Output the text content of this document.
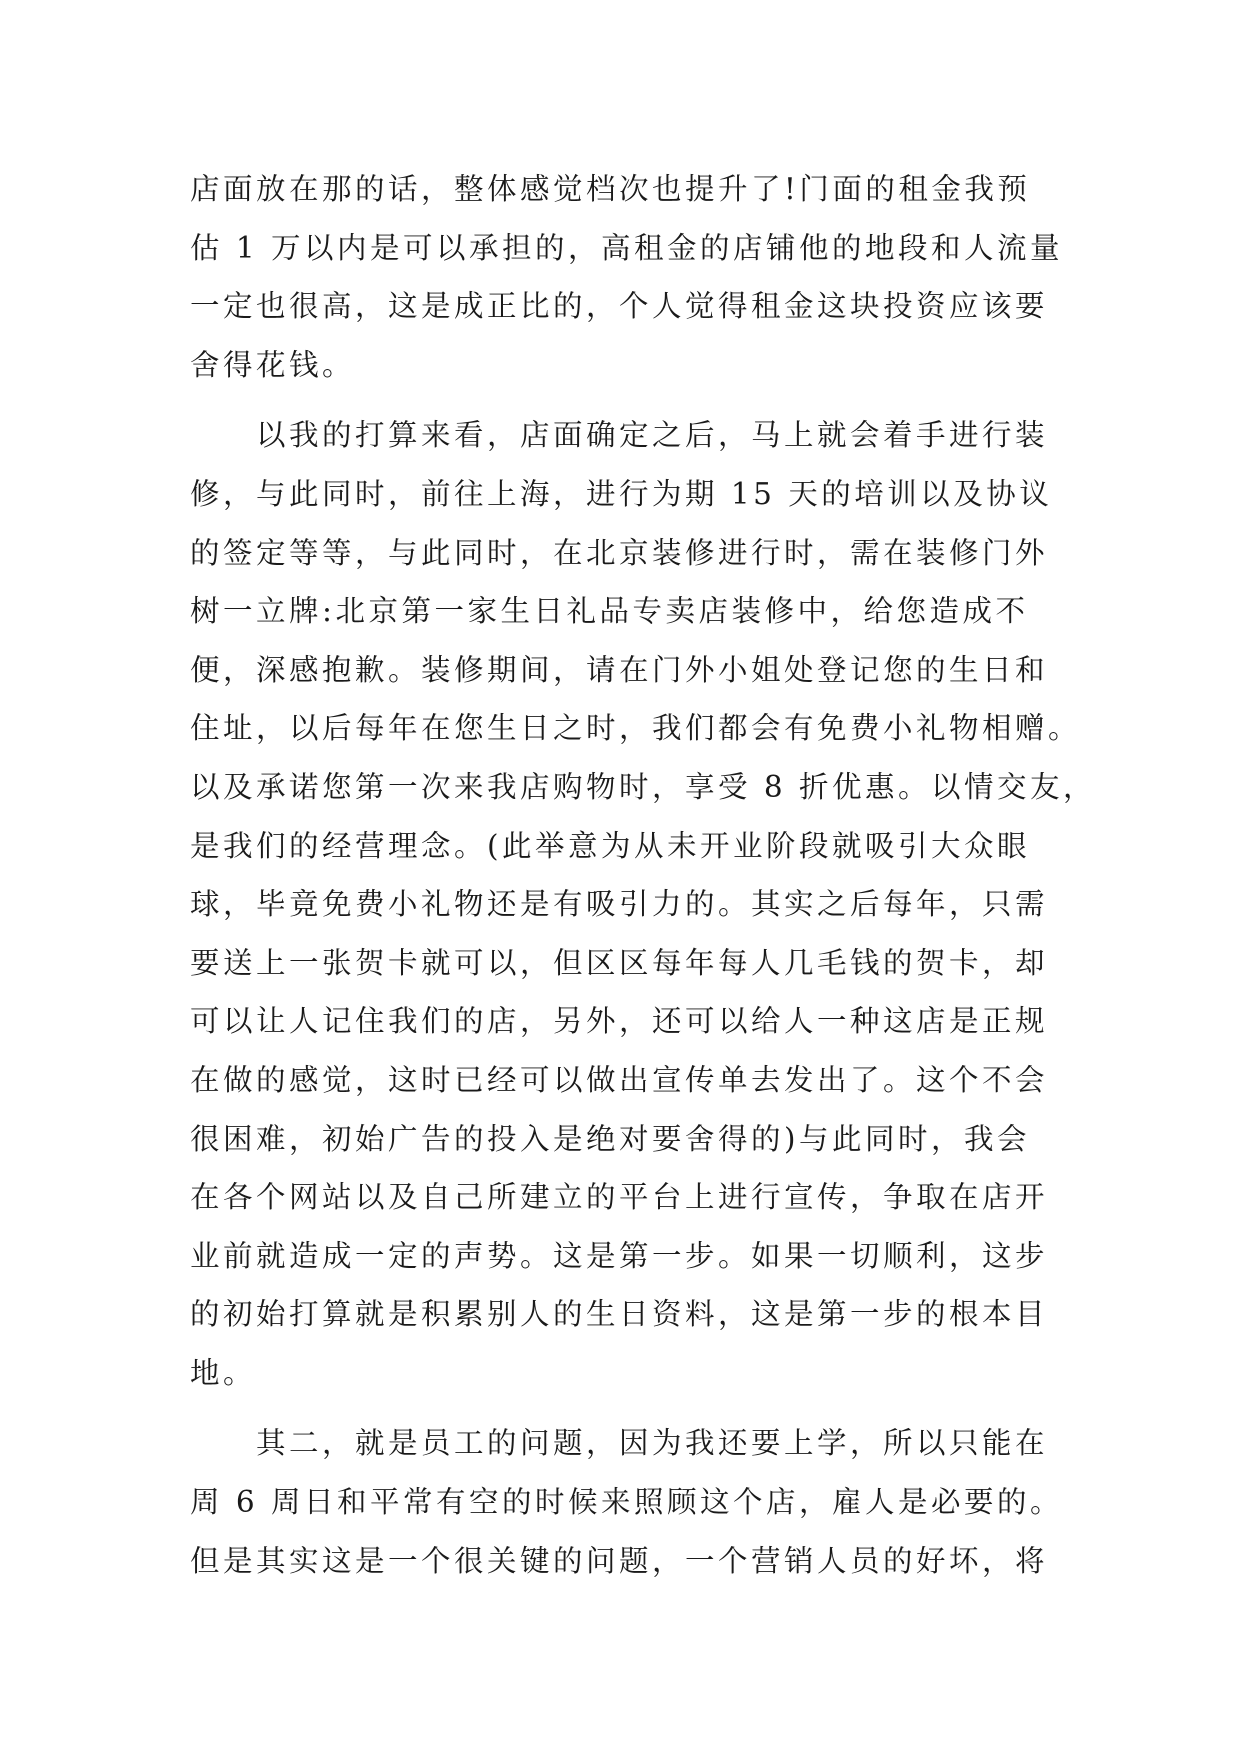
店面放在那的话，整体感觉档次也提升了!门面的租金我预
估 1 万以内是可以承担的，高租金的店铺他的地段和人流量
一定也很高，这是成正比的，个人觉得租金这块投资应该要
舍得花钱。
　　以我的打算来看，店面确定之后，马上就会着手进行装
修，与此同时，前往上海，进行为期 15 天的培训以及协议
的签定等等，与此同时，在北京装修进行时，需在装修门外
树一立牌:北京第一家生日礼品专卖店装修中，给您造成不
便，深感抱歉。装修期间，请在门外小姐处登记您的生日和
住址，以后每年在您生日之时，我们都会有免费小礼物相赠。
以及承诺您第一次来我店购物时，享受 8 折优惠。以情交友，
是我们的经营理念。(此举意为从未开业阶段就吸引大众眼
球，毕竟免费小礼物还是有吸引力的。其实之后每年，只需
要送上一张贺卡就可以，但区区每年每人几毛钱的贺卡，却
可以让人记住我们的店，另外，还可以给人一种这店是正规
在做的感觉，这时已经可以做出宣传单去发出了。这个不会
很困难，初始广告的投入是绝对要舍得的)与此同时，我会
在各个网站以及自己所建立的平台上进行宣传，争取在店开
业前就造成一定的声势。这是第一步。如果一切顺利，这步
的初始打算就是积累别人的生日资料，这是第一步的根本目
地。
　　其二，就是员工的问题，因为我还要上学，所以只能在
周 6 周日和平常有空的时候来照顾这个店，雇人是必要的。
但是其实这是一个很关键的问题，一个营销人员的好坏，将
